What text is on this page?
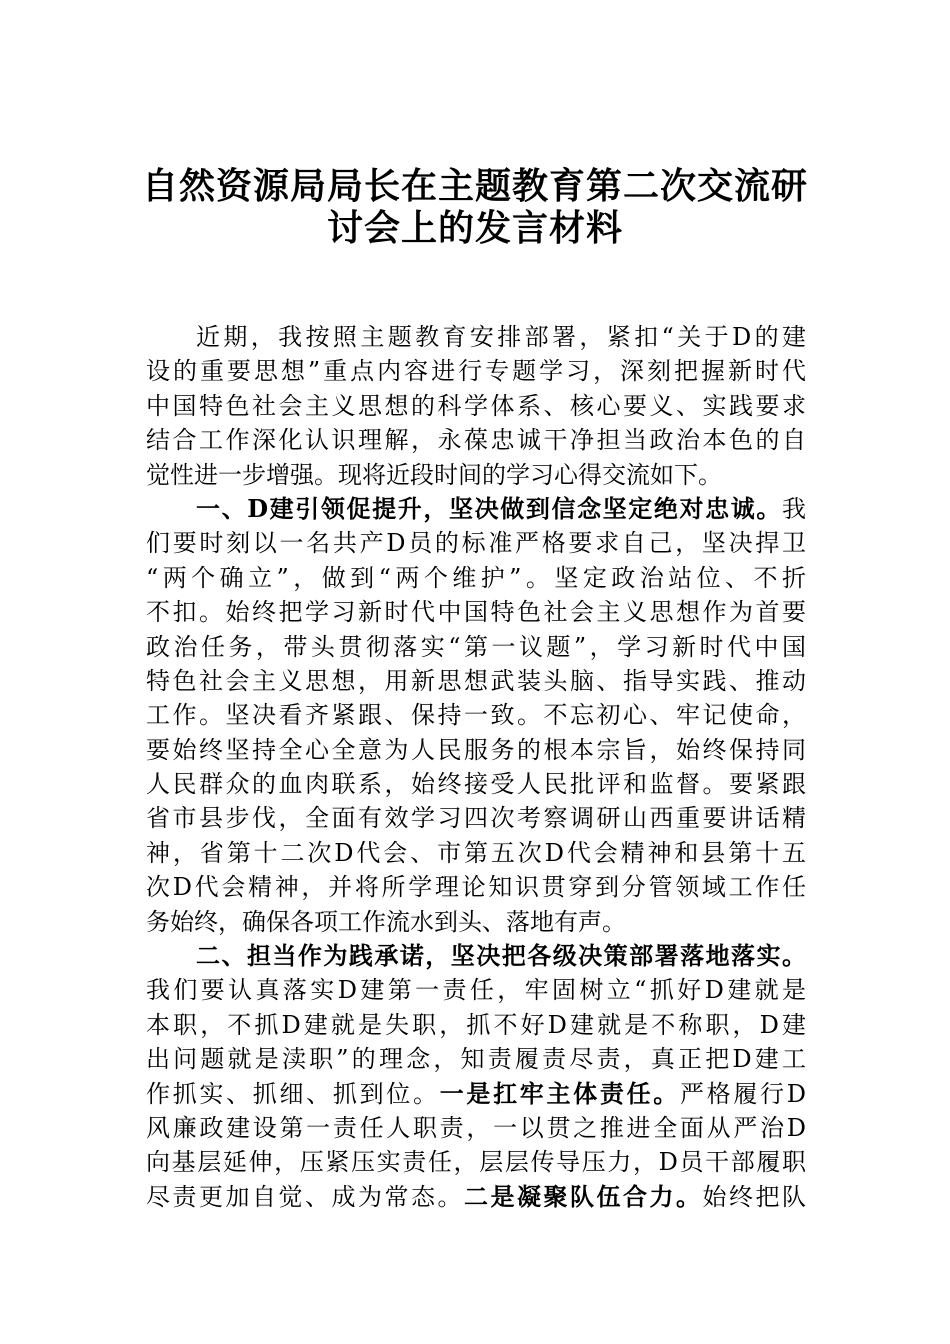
自然资源局局长在主题教育第二次交流研
讨会上的发言材料
近期，我按照主题教育安排部署，紧扣“关于D的建
设的重要思想”重点内容进行专题学习，深刻把握新时代
中国特色社会主义思想的科学体系、核心要义、实践要求
结合工作深化认识理解，永葆忠诚干净担当政治本色的自
觉性进一步增强。现将近段时间的学习心得交流如下。
一、D建引领促提升，坚决做到信念坚定绝对忠诚。我
们要时刻以一名共产D员的标准严格要求自己，坚决捍卫
“两个确立”，做到“两个维护”。坚定政治站位、不折
不扣。始终把学习新时代中国特色社会主义思想作为首要
政治任务，带头贯彻落实“第一议题”，学习新时代中国
特色社会主义思想，用新思想武装头脑、指导实践、推动
工作。坚决看齐紧跟、保持一致。不忘初心、牢记使命，
要始终坚持全心全意为人民服务的根本宗旨，始终保持同
人民群众的血肉联系，始终接受人民批评和监督。要紧跟
省市县步伐，全面有效学习四次考察调研山西重要讲话精
神，省第十二次D代会、市第五次D代会精神和县第十五
次D代会精神，并将所学理论知识贯穿到分管领域工作任
务始终，确保各项工作流水到头、落地有声。
二、担当作为践承诺，坚决把各级决策部署落地落实。
我们要认真落实D建第一责任，牢固树立“抓好D建就是
本职，不抓D建就是失职，抓不好D建就是不称职，D建
出问题就是渎职”的理念，知责履责尽责，真正把D建工
作抓实、抓细、抓到位。一是扛牢主体责任。严格履行D
风廉政建设第一责任人职责，一以贯之推进全面从严治D
向基层延伸，压紧压实责任，层层传导压力，D员干部履职
尽责更加自觉、成为常态。二是凝聚队伍合力。始终把队
